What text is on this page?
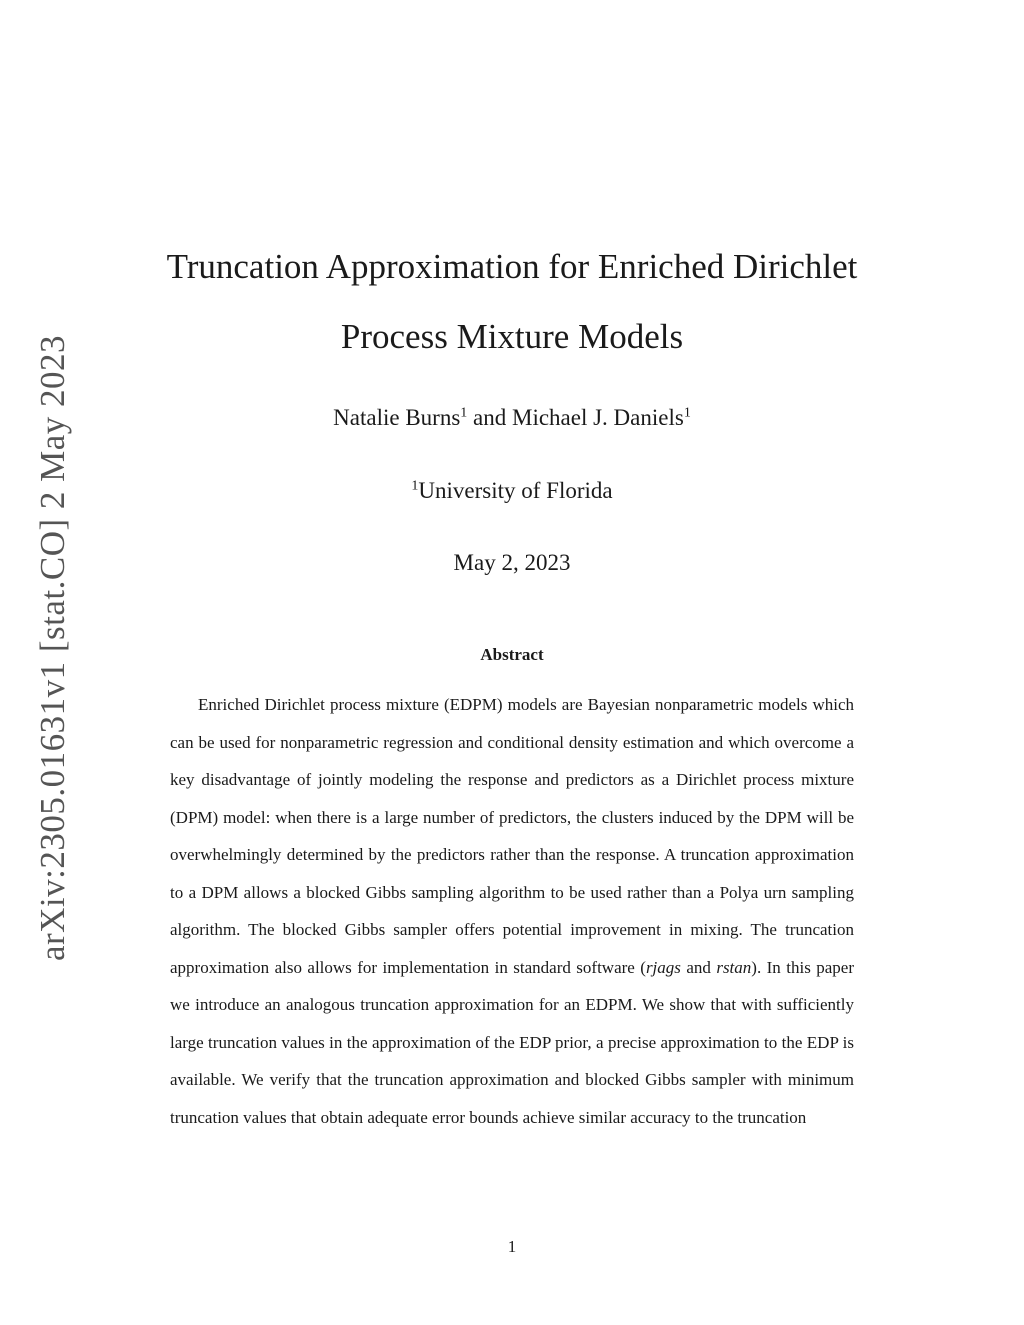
arXiv:2305.01631v1 [stat.CO] 2 May 2023
Truncation Approximation for Enriched Dirichlet
Process Mixture Models
Natalie Burns$^1$ and Michael J. Daniels$^1$
$^1$University of Florida
May 2, 2023
Abstract

Enriched Dirichlet process mixture (EDPM) models are Bayesian nonparametric models which can be used for nonparametric regression and conditional density estimation and which overcome a key disadvantage of jointly modeling the response and predictors as a Dirichlet process mixture (DPM) model: when there is a large number of predictors, the clusters induced by the DPM will be overwhelmingly determined by the predictors rather than the response. A truncation approximation to a DPM allows a blocked Gibbs sampling algorithm to be used rather than a Polya urn sampling algorithm. The blocked Gibbs sampler offers potential improvement in mixing. The truncation approximation also allows for implementation in standard software (rjags and rstan). In this paper we introduce an analogous truncation approximation for an EDPM. We show that with sufficiently large truncation values in the approximation of the EDP prior, a precise approximation to the EDP is available. We verify that the truncation approximation and blocked Gibbs sampler with minimum truncation values that obtain adequate error bounds achieve similar accuracy to the truncation

1
